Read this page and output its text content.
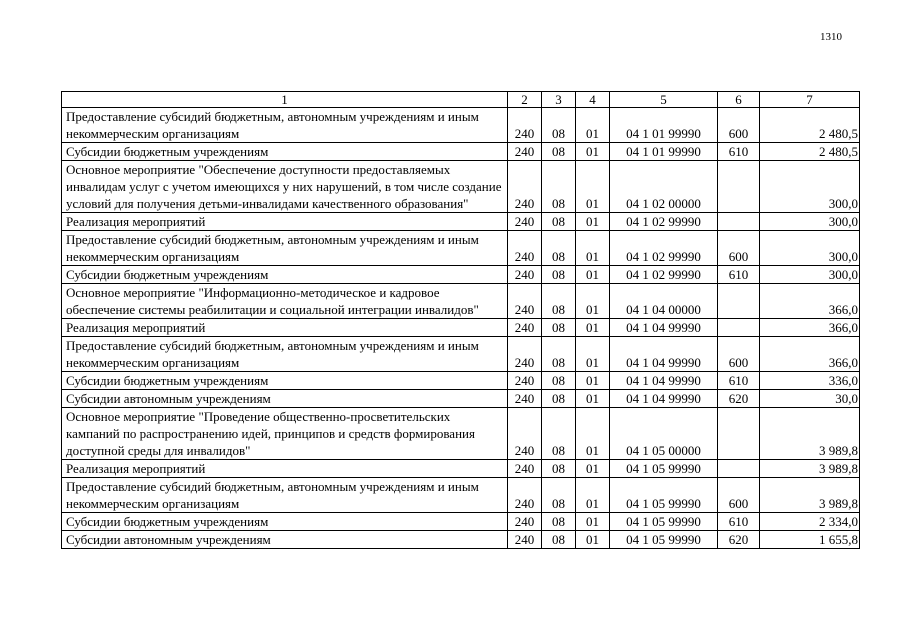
1310
1	2	3	4	5	6	7
Предоставление субсидий бюджетным, автономным учреждениям и иным некоммерческим организациям	240	08	01	04 1 01 99990	600	2 480,5
Субсидии бюджетным учреждениям	240	08	01	04 1 01 99990	610	2 480,5
Основное мероприятие "Обеспечение доступности предоставляемых инвалидам услуг с учетом имеющихся у них нарушений, в том числе создание условий для получения детьми-инвалидами качественного образования"	240	08	01	04 1 02 00000		300,0
Реализация мероприятий	240	08	01	04 1 02 99990		300,0
Предоставление субсидий бюджетным, автономным учреждениям и иным некоммерческим организациям	240	08	01	04 1 02 99990	600	300,0
Субсидии бюджетным учреждениям	240	08	01	04 1 02 99990	610	300,0
Основное мероприятие "Информационно-методическое и кадровое обеспечение системы реабилитации и социальной интеграции инвалидов"	240	08	01	04 1 04 00000		366,0
Реализация мероприятий	240	08	01	04 1 04 99990		366,0
Предоставление субсидий бюджетным, автономным учреждениям и иным некоммерческим организациям	240	08	01	04 1 04 99990	600	366,0
Субсидии бюджетным учреждениям	240	08	01	04 1 04 99990	610	336,0
Субсидии автономным учреждениям	240	08	01	04 1 04 99990	620	30,0
Основное мероприятие "Проведение общественно-просветительских кампаний по распространению идей, принципов и средств формирования доступной среды для инвалидов"	240	08	01	04 1 05 00000		3 989,8
Реализация мероприятий	240	08	01	04 1 05 99990		3 989,8
Предоставление субсидий бюджетным, автономным учреждениям и иным некоммерческим организациям	240	08	01	04 1 05 99990	600	3 989,8
Субсидии бюджетным учреждениям	240	08	01	04 1 05 99990	610	2 334,0
Субсидии автономным учреждениям	240	08	01	04 1 05 99990	620	1 655,8
